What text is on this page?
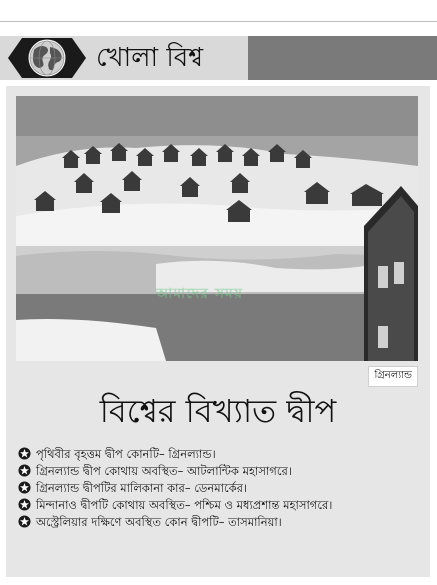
খোলা বিশ্ব
আমাদের সময়
গ্রিনল্যান্ড
বিশ্বের বিখ্যাত দ্বীপ
পৃথিবীর বৃহত্তম দ্বীপ কোনটি– গ্রিনল্যান্ড।
গ্রিনল্যান্ড দ্বীপ কোথায় অবস্থিত– আটলান্টিক মহাসাগরে।
গ্রিনল্যান্ড দ্বীপটির মালিকানা কার– ডেনমার্কের।
মিন্দানাও দ্বীপটি কোথায় অবস্থিত– পশ্চিম ও মধ্যপ্রশান্ত মহাসাগরে।
অস্ট্রেলিয়ার দক্ষিণে অবস্থিত কোন দ্বীপটি– তাসমানিয়া।
